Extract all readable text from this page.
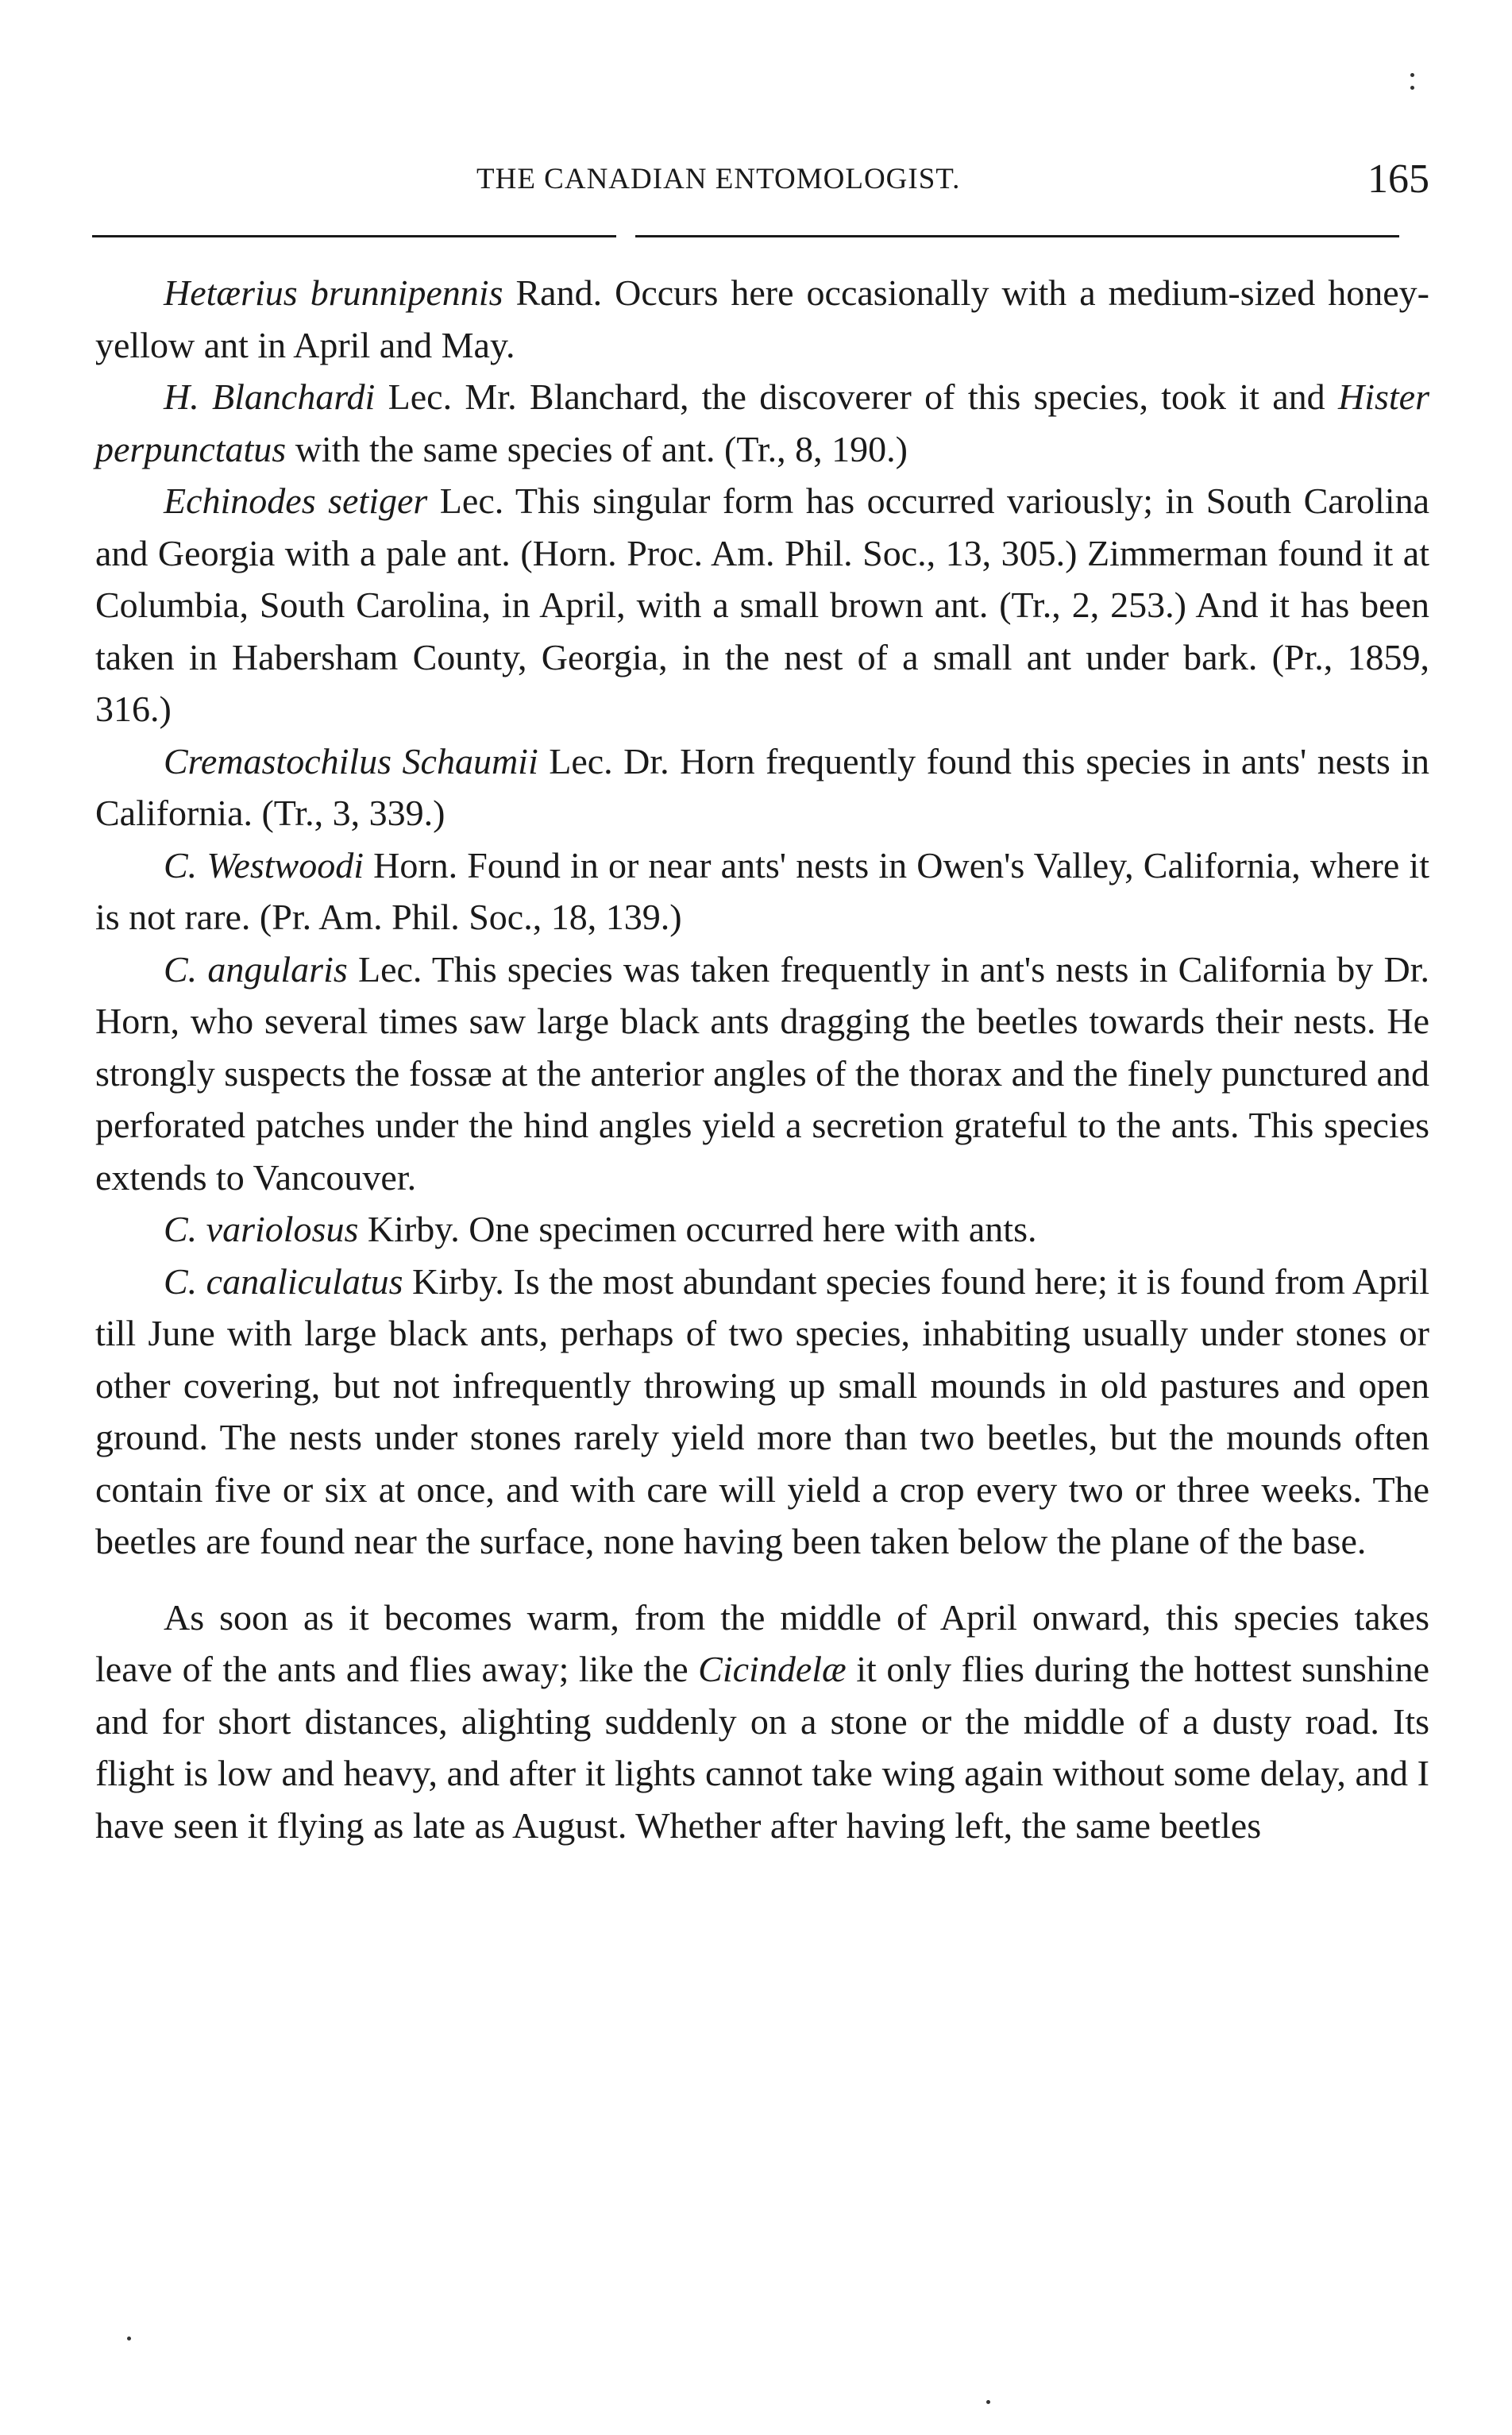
THE CANADIAN ENTOMOLOGIST.	165

Hetærius brunnipennis Rand. Occurs here occasionally with a medium-sized honey-yellow ant in April and May.

H. Blanchardi Lec. Mr. Blanchard, the discoverer of this species, took it and Hister perpunctatus with the same species of ant. (Tr., 8, 190.)

Echinodes setiger Lec. This singular form has occurred variously; in South Carolina and Georgia with a pale ant. (Horn. Proc. Am. Phil. Soc., 13, 305.) Zimmerman found it at Columbia, South Carolina, in April, with a small brown ant. (Tr., 2, 253.) And it has been taken in Habersham County, Georgia, in the nest of a small ant under bark. (Pr., 1859, 316.)

Cremastochilus Schaumii Lec. Dr. Horn frequently found this species in ants' nests in California. (Tr., 3, 339.)

C. Westwoodi Horn. Found in or near ants' nests in Owen's Valley, California, where it is not rare. (Pr. Am. Phil. Soc., 18, 139.)

C. angularis Lec. This species was taken frequently in ant's nests in California by Dr. Horn, who several times saw large black ants dragging the beetles towards their nests. He strongly suspects the fossæ at the anterior angles of the thorax and the finely punctured and perforated patches under the hind angles yield a secretion grateful to the ants. This species extends to Vancouver.

C. variolosus Kirby. One specimen occurred here with ants.

C. canaliculatus Kirby. Is the most abundant species found here; it is found from April till June with large black ants, perhaps of two species, inhabiting usually under stones or other covering, but not infrequently throwing up small mounds in old pastures and open ground. The nests under stones rarely yield more than two beetles, but the mounds often contain five or six at once, and with care will yield a crop every two or three weeks. The beetles are found near the surface, none having been taken below the plane of the base.

As soon as it becomes warm, from the middle of April onward, this species takes leave of the ants and flies away; like the Cicindelæ it only flies during the hottest sunshine and for short distances, alighting suddenly on a stone or the middle of a dusty road. Its flight is low and heavy, and after it lights cannot take wing again without some delay, and I have seen it flying as late as August. Whether after having left, the same beetles
